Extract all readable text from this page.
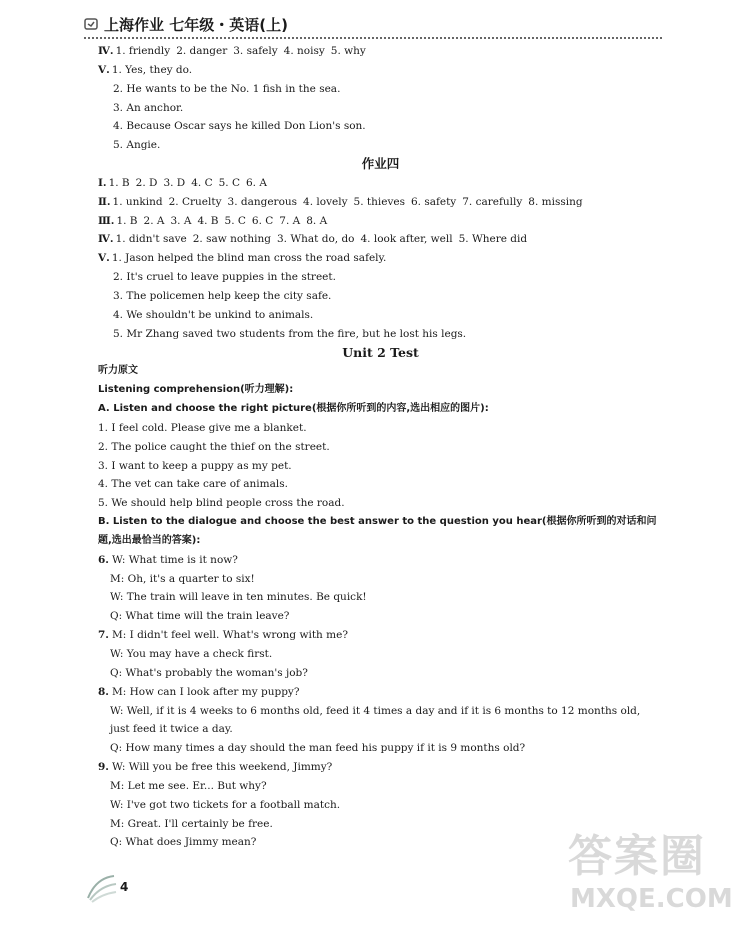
上海作业 七年级・英语(上)
Ⅳ. 1. friendly 2. danger 3. safely 4. noisy 5. why
Ⅴ. 1. Yes, they do.
2. He wants to be the No. 1 fish in the sea.
3. An anchor.
4. Because Oscar says he killed Don Lion's son.
5. Angie.
作业四
Ⅰ. 1. B 2. D 3. D 4. C 5. C 6. A
Ⅱ. 1. unkind 2. Cruelty 3. dangerous 4. lovely 5. thieves 6. safety 7. carefully 8. missing
Ⅲ. 1. B 2. A 3. A 4. B 5. C 6. C 7. A 8. A
Ⅳ. 1. didn't save 2. saw nothing 3. What do, do 4. look after, well 5. Where did
Ⅴ. 1. Jason helped the blind man cross the road safely.
2. It's cruel to leave puppies in the street.
3. The policemen help keep the city safe.
4. We shouldn't be unkind to animals.
5. Mr Zhang saved two students from the fire, but he lost his legs.
Unit 2 Test
听力原文
Listening comprehension(听力理解):
A. Listen and choose the right picture(根据你所听到的内容,选出相应的图片):
1. I feel cold. Please give me a blanket.
2. The police caught the thief on the street.
3. I want to keep a puppy as my pet.
4. The vet can take care of animals.
5. We should help blind people cross the road.
B. Listen to the dialogue and choose the best answer to the question you hear(根据你所听到的对话和问题,选出最恰当的答案):
6. W: What time is it now?
M: Oh, it's a quarter to six!
W: The train will leave in ten minutes. Be quick!
Q: What time will the train leave?
7. M: I didn't feel well. What's wrong with me?
W: You may have a check first.
Q: What's probably the woman's job?
8. M: How can I look after my puppy?
W: Well, if it is 4 weeks to 6 months old, feed it 4 times a day and if it is 6 months to 12 months old, just feed it twice a day.
Q: How many times a day should the man feed his puppy if it is 9 months old?
9. W: Will you be free this weekend, Jimmy?
M: Let me see. Er... But why?
W: I've got two tickets for a football match.
M: Great. I'll certainly be free.
Q: What does Jimmy mean?
4
答案圈
MXQE.COM
